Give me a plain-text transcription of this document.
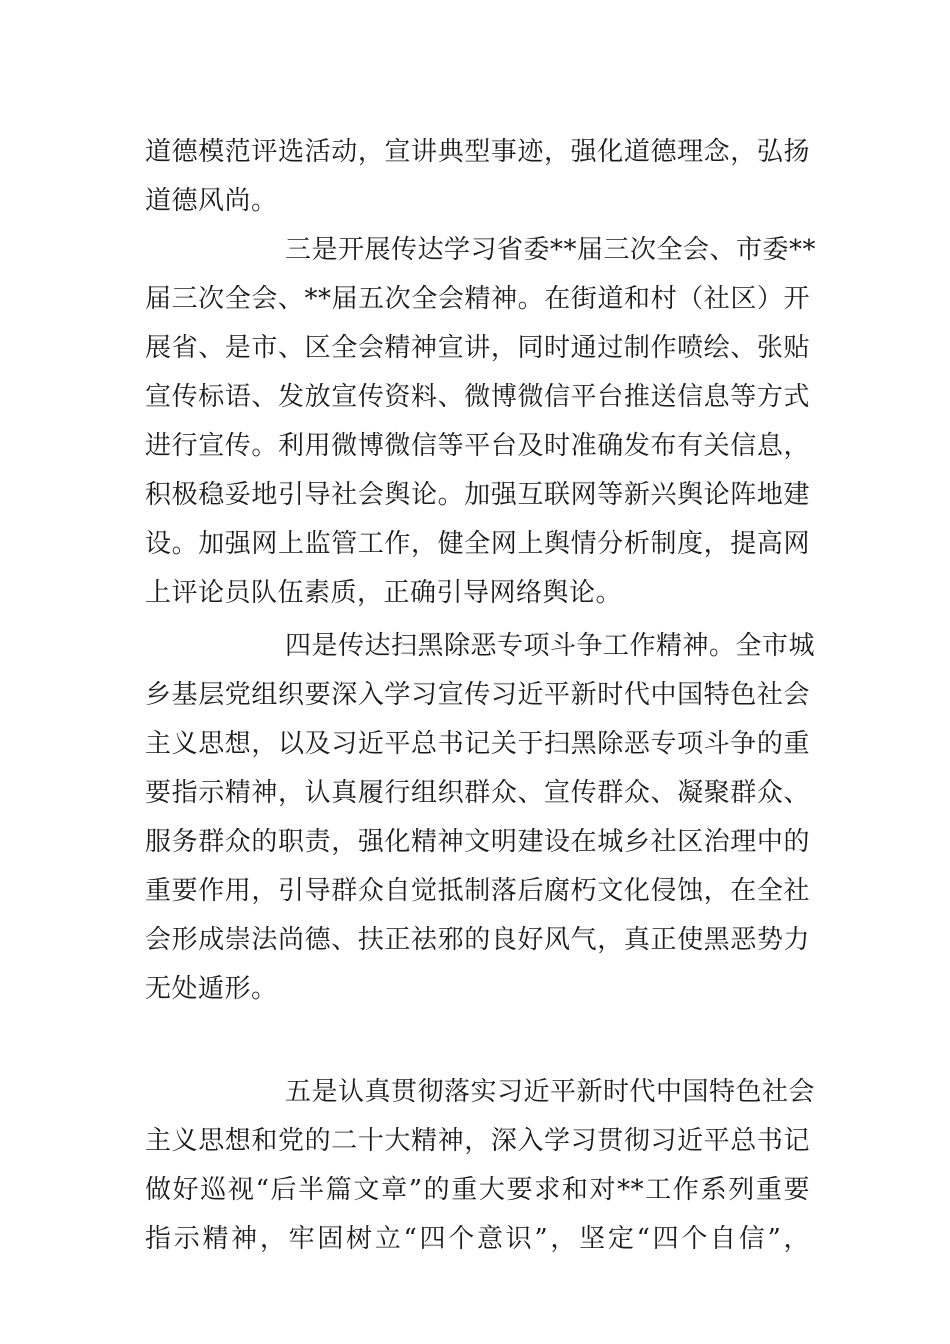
道德模范评选活动，宣讲典型事迹，强化道德理念，弘扬
道德风尚。
三是开展传达学习省委**届三次全会、市委**
届三次全会、**届五次全会精神。在街道和村（社区）开
展省、是市、区全会精神宣讲，同时通过制作喷绘、张贴
宣传标语、发放宣传资料、微博微信平台推送信息等方式
进行宣传。利用微博微信等平台及时准确发布有关信息，
积极稳妥地引导社会舆论。加强互联网等新兴舆论阵地建
设。加强网上监管工作，健全网上舆情分析制度，提高网
上评论员队伍素质，正确引导网络舆论。
四是传达扫黑除恶专项斗争工作精神。全市城
乡基层党组织要深入学习宣传习近平新时代中国特色社会
主义思想，以及习近平总书记关于扫黑除恶专项斗争的重
要指示精神，认真履行组织群众、宣传群众、凝聚群众、
服务群众的职责，强化精神文明建设在城乡社区治理中的
重要作用，引导群众自觉抵制落后腐朽文化侵蚀，在全社
会形成崇法尚德、扶正祛邪的良好风气，真正使黑恶势力
无处遁形。
五是认真贯彻落实习近平新时代中国特色社会
主义思想和党的二十大精神，深入学习贯彻习近平总书记
做好巡视“后半篇文章”的重大要求和对**工作系列重要
指示精神，牢固树立“四个意识”，坚定“四个自信”，
